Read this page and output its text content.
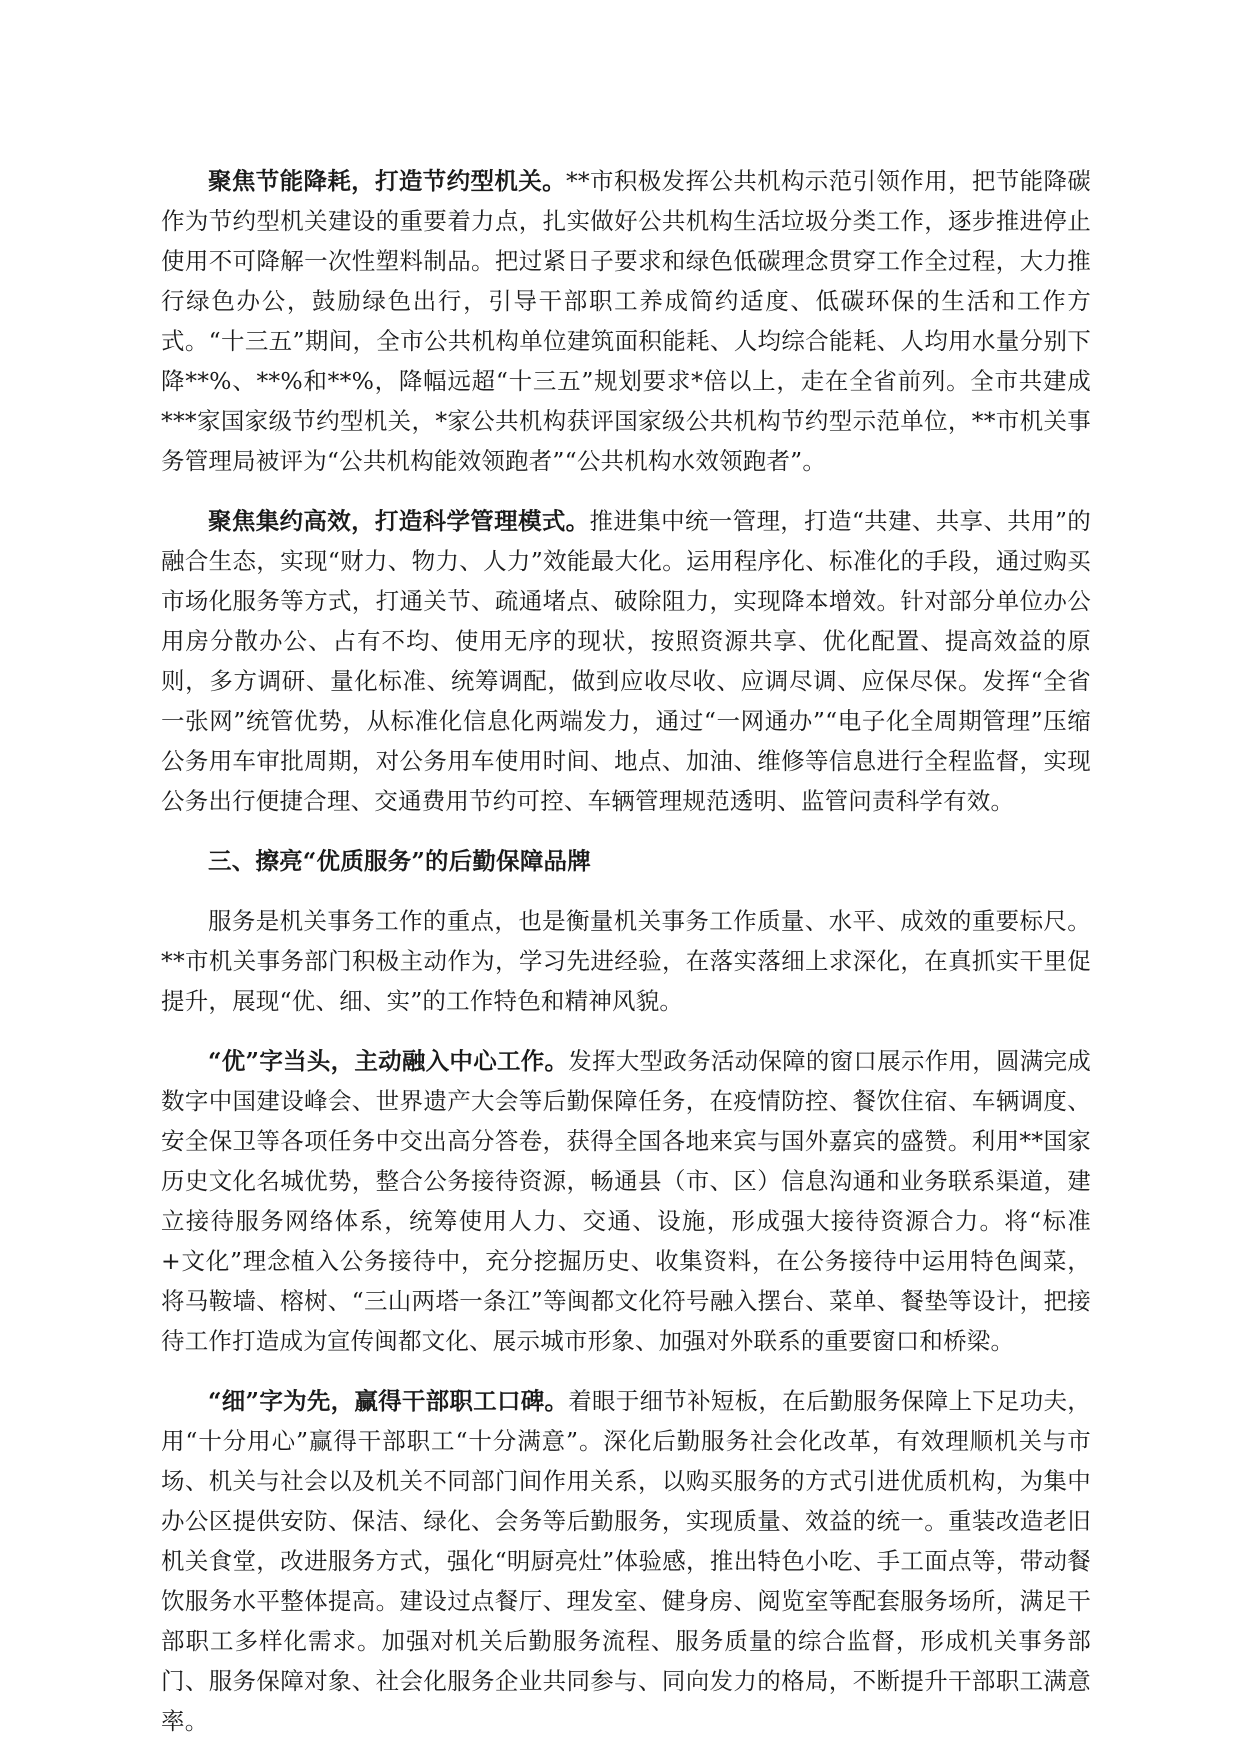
聚焦节能降耗，打造节约型机关。**市积极发挥公共机构示范引领作用，把节能降碳作为节约型机关建设的重要着力点，扎实做好公共机构生活垃圾分类工作，逐步推进停止使用不可降解一次性塑料制品。把过紧日子要求和绿色低碳理念贯穿工作全过程，大力推行绿色办公，鼓励绿色出行，引导干部职工养成简约适度、低碳环保的生活和工作方式。“十三五”期间，全市公共机构单位建筑面积能耗、人均综合能耗、人均用水量分别下降**%、**%和**%，降幅远超“十三五”规划要求*倍以上，走在全省前列。全市共建成***家国家级节约型机关，*家公共机构获评国家级公共机构节约型示范单位，**市机关事务管理局被评为“公共机构能效领跑者”“公共机构水效领跑者”。

聚焦集约高效，打造科学管理模式。推进集中统一管理，打造“共建、共享、共用”的融合生态，实现“财力、物力、人力”效能最大化。运用程序化、标准化的手段，通过购买市场化服务等方式，打通关节、疏通堵点、破除阻力，实现降本增效。针对部分单位办公用房分散办公、占有不均、使用无序的现状，按照资源共享、优化配置、提高效益的原则，多方调研、量化标准、统筹调配，做到应收尽收、应调尽调、应保尽保。发挥“全省一张网”统管优势，从标准化信息化两端发力，通过“一网通办”“电子化全周期管理”压缩公务用车审批周期，对公务用车使用时间、地点、加油、维修等信息进行全程监督，实现公务出行便捷合理、交通费用节约可控、车辆管理规范透明、监管问责科学有效。

三、擦亮“优质服务”的后勤保障品牌

服务是机关事务工作的重点，也是衡量机关事务工作质量、水平、成效的重要标尺。**市机关事务部门积极主动作为，学习先进经验，在落实落细上求深化，在真抓实干里促提升，展现“优、细、实”的工作特色和精神风貌。

“优”字当头，主动融入中心工作。发挥大型政务活动保障的窗口展示作用，圆满完成数字中国建设峰会、世界遗产大会等后勤保障任务，在疫情防控、餐饮住宿、车辆调度、安全保卫等各项任务中交出高分答卷，获得全国各地来宾与国外嘉宾的盛赞。利用**国家历史文化名城优势，整合公务接待资源，畅通县（市、区）信息沟通和业务联系渠道，建立接待服务网络体系，统筹使用人力、交通、设施，形成强大接待资源合力。将“标准+文化”理念植入公务接待中，充分挖掘历史、收集资料，在公务接待中运用特色闽菜，将马鞍墙、榕树、“三山两塔一条江”等闽都文化符号融入摆台、菜单、餐垫等设计，把接待工作打造成为宣传闽都文化、展示城市形象、加强对外联系的重要窗口和桥梁。

“细”字为先，赢得干部职工口碑。着眼于细节补短板，在后勤服务保障上下足功夫，用“十分用心”赢得干部职工“十分满意”。深化后勤服务社会化改革，有效理顺机关与市场、机关与社会以及机关不同部门间作用关系，以购买服务的方式引进优质机构，为集中办公区提供安防、保洁、绿化、会务等后勤服务，实现质量、效益的统一。重装改造老旧机关食堂，改进服务方式，强化“明厨亮灶”体验感，推出特色小吃、手工面点等，带动餐饮服务水平整体提高。建设过点餐厅、理发室、健身房、阅览室等配套服务场所，满足干部职工多样化需求。加强对机关后勤服务流程、服务质量的综合监督，形成机关事务部门、服务保障对象、社会化服务企业共同参与、同向发力的格局，不断提升干部职工满意率。
